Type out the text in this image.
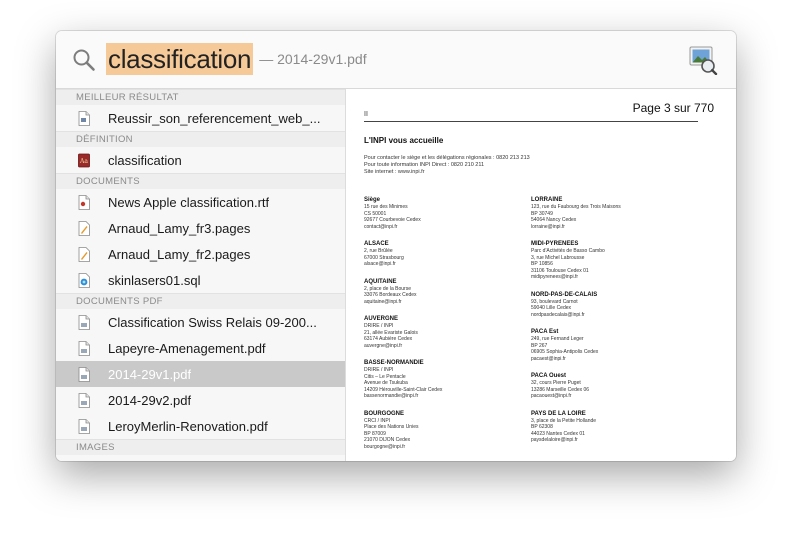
classification — 2014-29v1.pdf
MEILLEUR RÉSULTAT
Reussir_son_referencement_web_...
DÉFINITION
Aa classification
DOCUMENTS
News Apple classification.rtf
Arnaud_Lamy_fr3.pages
Arnaud_Lamy_fr2.pages
skinlasers01.sql
DOCUMENTS PDF
Classification Swiss Relais 09-200...
Lapeyre-Amenagement.pdf
2014-29v1.pdf
2014-29v2.pdf
LeroyMerlin-Renovation.pdf
IMAGES
Page 3 sur 770
II
L'INPI vous accueille
Pour contacter le siège et les délégations régionales : 0820 213 213
Pour toute information INPI Direct : 0820 210 211
Site internet : www.inpi.fr
Siège
15 rue des Minimes
CS 50001
92677 Courbevoie Cedex
contact@inpi.fr
ALSACE
2, rue Brûlée
67000 Strasbourg
alsace@inpi.fr
AQUITAINE
2, place de la Bourse
33076 Bordeaux Cedex
aquitaine@inpi.fr
AUVERGNE
DRIRE / INPI
21, allée Evariste Galois
63174 Aubière Cedex
auvergne@inpi.fr
BASSE-NORMANDIE
DRIRE / INPI
Citis – Le Pentacle
Avenue de Tsukuba
14209 Hérouville-Saint-Clair Cedex
bassenormandie@inpi.fr
BOURGOGNE
CRCI / INPI
Place des Nations Unies
BP 87009
21070 DIJON Cedex
bourgogne@inpi.fr
LORRAINE
123, rue du Faubourg des Trois Maisons
BP 30749
54064 Nancy Cedex
lorraine@inpi.fr
MIDI-PYRENEES
Parc d'Activités de Basso Cambo
3, rue Michel Labrousse
BP 10856
31106 Toulouse Cedex 01
midipyrenees@inpi.fr
NORD-PAS-DE-CALAIS
93, boulevard Carnot
59040 Lille Cedex
nordpasdecalais@inpi.fr
PACA Est
249, rue Fernand Leger
BP 267
06905 Sophia-Antipolis Cedex
pacaest@inpi.fr
PACA Ouest
32, cours Pierre Puget
13286 Marseille Cedex 06
pacaouest@inpi.fr
PAYS DE LA LOIRE
3, place de la Petite Hollande
BP 62308
44023 Nantes Cedex 01
paysdelaloire@inpi.fr
